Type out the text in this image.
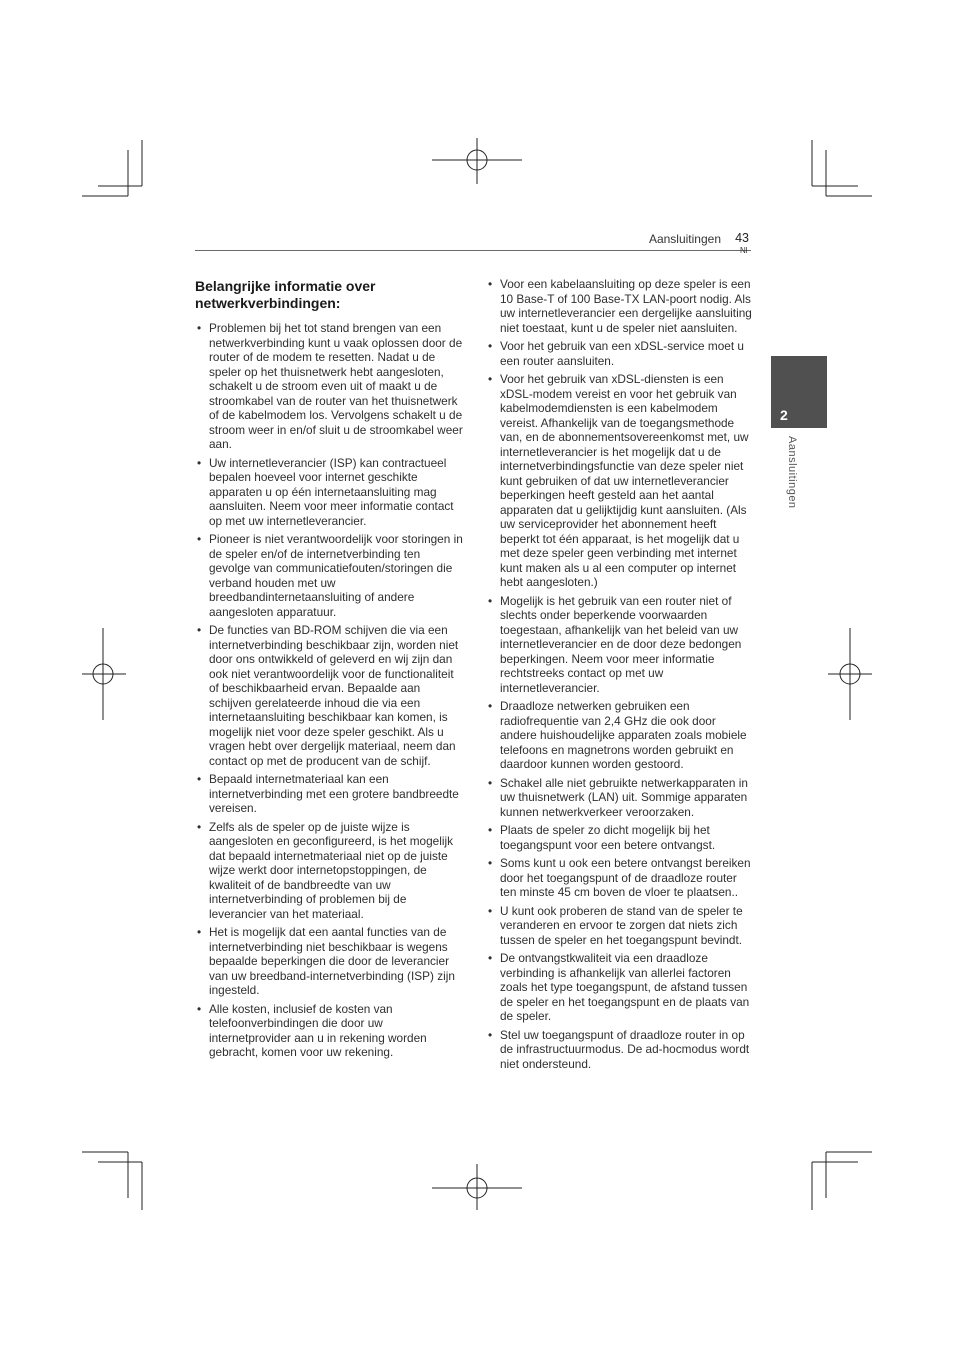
Aansluitingen 43
Nl
2
Aansluitingen
Belangrijke informatie over netwerkverbindingen:
• Problemen bij het tot stand brengen van een netwerkverbinding kunt u vaak oplossen door de router of de modem te resetten. Nadat u de speler op het thuisnetwerk hebt aangesloten, schakelt u de stroom even uit of maakt u de stroomkabel van de router van het thuisnetwerk of de kabelmodem los. Vervolgens schakelt u de stroom weer in en/of sluit u de stroomkabel weer aan.
• Uw internetleverancier (ISP) kan contractueel bepalen hoeveel voor internet geschikte apparaten u op één internetaansluiting mag aansluiten. Neem voor meer informatie contact op met uw internetleverancier.
• Pioneer is niet verantwoordelijk voor storingen in de speler en/of de internetverbinding ten gevolge van communicatiefouten/storingen die verband houden met uw breedbandinternetaansluiting of andere aangesloten apparatuur.
• De functies van BD-ROM schijven die via een internetverbinding beschikbaar zijn, worden niet door ons ontwikkeld of geleverd en wij zijn dan ook niet verantwoordelijk voor de functionaliteit of beschikbaarheid ervan. Bepaalde aan schijven gerelateerde inhoud die via een internetaansluiting beschikbaar kan komen, is mogelijk niet voor deze speler geschikt. Als u vragen hebt over dergelijk materiaal, neem dan contact op met de producent van de schijf.
• Bepaald internetmateriaal kan een internetverbinding met een grotere bandbreedte vereisen.
• Zelfs als de speler op de juiste wijze is aangesloten en geconfigureerd, is het mogelijk dat bepaald internetmateriaal niet op de juiste wijze werkt door internetopstoppingen, de kwaliteit of de bandbreedte van uw internetverbinding of problemen bij de leverancier van het materiaal.
• Het is mogelijk dat een aantal functies van de internetverbinding niet beschikbaar is wegens bepaalde beperkingen die door de leverancier van uw breedband-internetverbinding (ISP) zijn ingesteld.
• Alle kosten, inclusief de kosten van telefoonverbindingen die door uw internetprovider aan u in rekening worden gebracht, komen voor uw rekening.
• Voor een kabelaansluiting op deze speler is een 10 Base-T of 100 Base-TX LAN-poort nodig. Als uw internetleverancier een dergelijke aansluiting niet toestaat, kunt u de speler niet aansluiten.
• Voor het gebruik van een xDSL-service moet u een router aansluiten.
• Voor het gebruik van xDSL-diensten is een xDSL-modem vereist en voor het gebruik van kabelmodemdiensten is een kabelmodem vereist. Afhankelijk van de toegangsmethode van, en de abonnementsovereenkomst met, uw internetleverancier is het mogelijk dat u de internetverbindingsfunctie van deze speler niet kunt gebruiken of dat uw internetleverancier beperkingen heeft gesteld aan het aantal apparaten dat u gelijktijdig kunt aansluiten. (Als uw serviceprovider het abonnement heeft beperkt tot één apparaat, is het mogelijk dat u met deze speler geen verbinding met internet kunt maken als u al een computer op internet hebt aangesloten.)
• Mogelijk is het gebruik van een router niet of slechts onder beperkende voorwaarden toegestaan, afhankelijk van het beleid van uw internetleverancier en de door deze bedongen beperkingen. Neem voor meer informatie rechtstreeks contact op met uw internetleverancier.
• Draadloze netwerken gebruiken een radiofrequentie van 2,4 GHz die ook door andere huishoudelijke apparaten zoals mobiele telefoons en magnetrons worden gebruikt en daardoor kunnen worden gestoord.
• Schakel alle niet gebruikte netwerkapparaten in uw thuisnetwerk (LAN) uit. Sommige apparaten kunnen netwerkverkeer veroorzaken.
• Plaats de speler zo dicht mogelijk bij het toegangspunt voor een betere ontvangst.
• Soms kunt u ook een betere ontvangst bereiken door het toegangspunt of de draadloze router ten minste 45 cm boven de vloer te plaatsen..
• U kunt ook proberen de stand van de speler te veranderen en ervoor te zorgen dat niets zich tussen de speler en het toegangspunt bevindt.
• De ontvangstkwaliteit via een draadloze verbinding is afhankelijk van allerlei factoren zoals het type toegangspunt, de afstand tussen de speler en het toegangspunt en de plaats van de speler.
• Stel uw toegangspunt of draadloze router in op de infrastructuurmodus. De ad-hocmodus wordt niet ondersteund.
